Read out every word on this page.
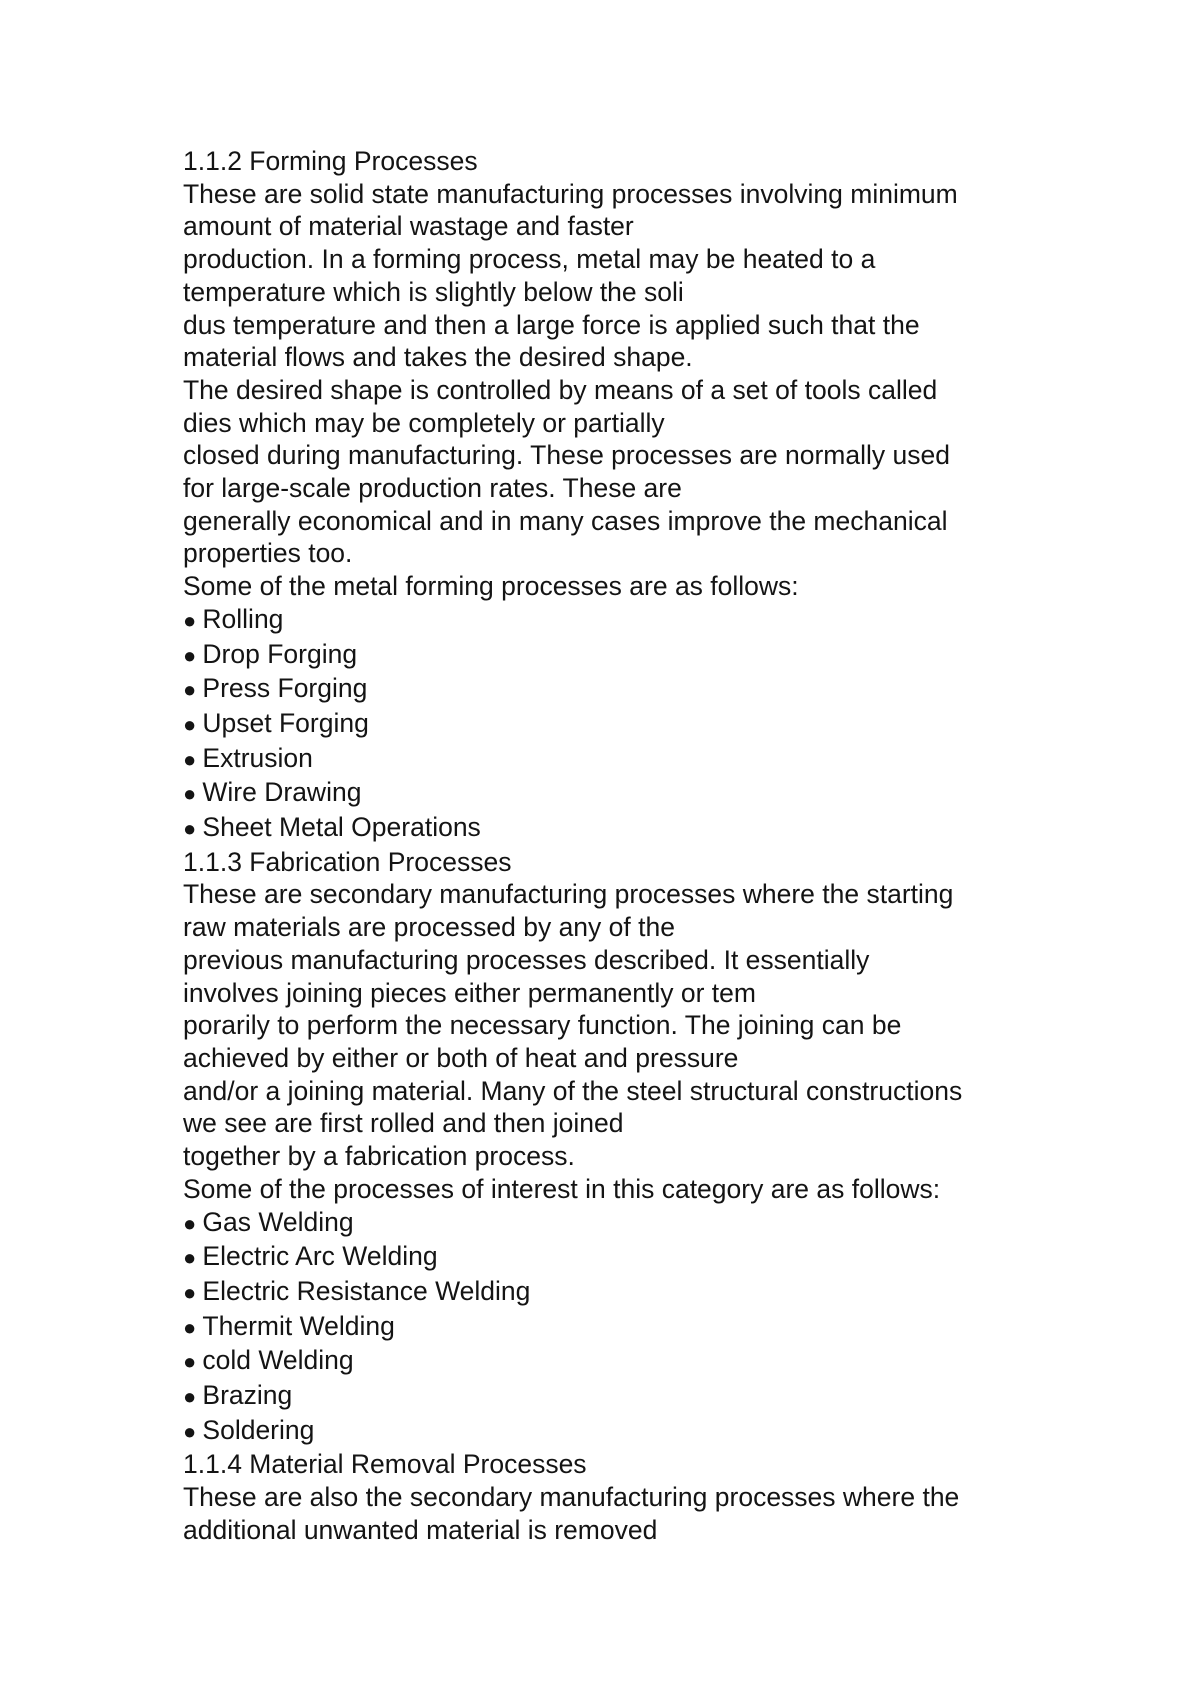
1.1.2 Forming Processes
These are solid state manufacturing processes involving minimum
amount of material wastage and faster
production. In a forming process, metal may be heated to a
temperature which is slightly below the soli
dus temperature and then a large force is applied such that the
material flows and takes the desired shape.
The desired shape is controlled by means of a set of tools called
dies which may be completely or partially
closed during manufacturing. These processes are normally used
for large-scale production rates. These are
generally economical and in many cases improve the mechanical
properties too.
Some of the metal forming processes are as follows:
● Rolling
● Drop Forging
● Press Forging
● Upset Forging
● Extrusion
● Wire Drawing
● Sheet Metal Operations
1.1.3 Fabrication Processes
These are secondary manufacturing processes where the starting
raw materials are processed by any of the
previous manufacturing processes described. It essentially
involves joining pieces either permanently or tem
porarily to perform the necessary function. The joining can be
achieved by either or both of heat and pressure
and/or a joining material. Many of the steel structural constructions
we see are first rolled and then joined
together by a fabrication process.
Some of the processes of interest in this category are as follows:
● Gas Welding
● Electric Arc Welding
● Electric Resistance Welding
● Thermit Welding
● cold Welding
● Brazing
● Soldering
1.1.4 Material Removal Processes
These are also the secondary manufacturing processes where the
additional unwanted material is removed
